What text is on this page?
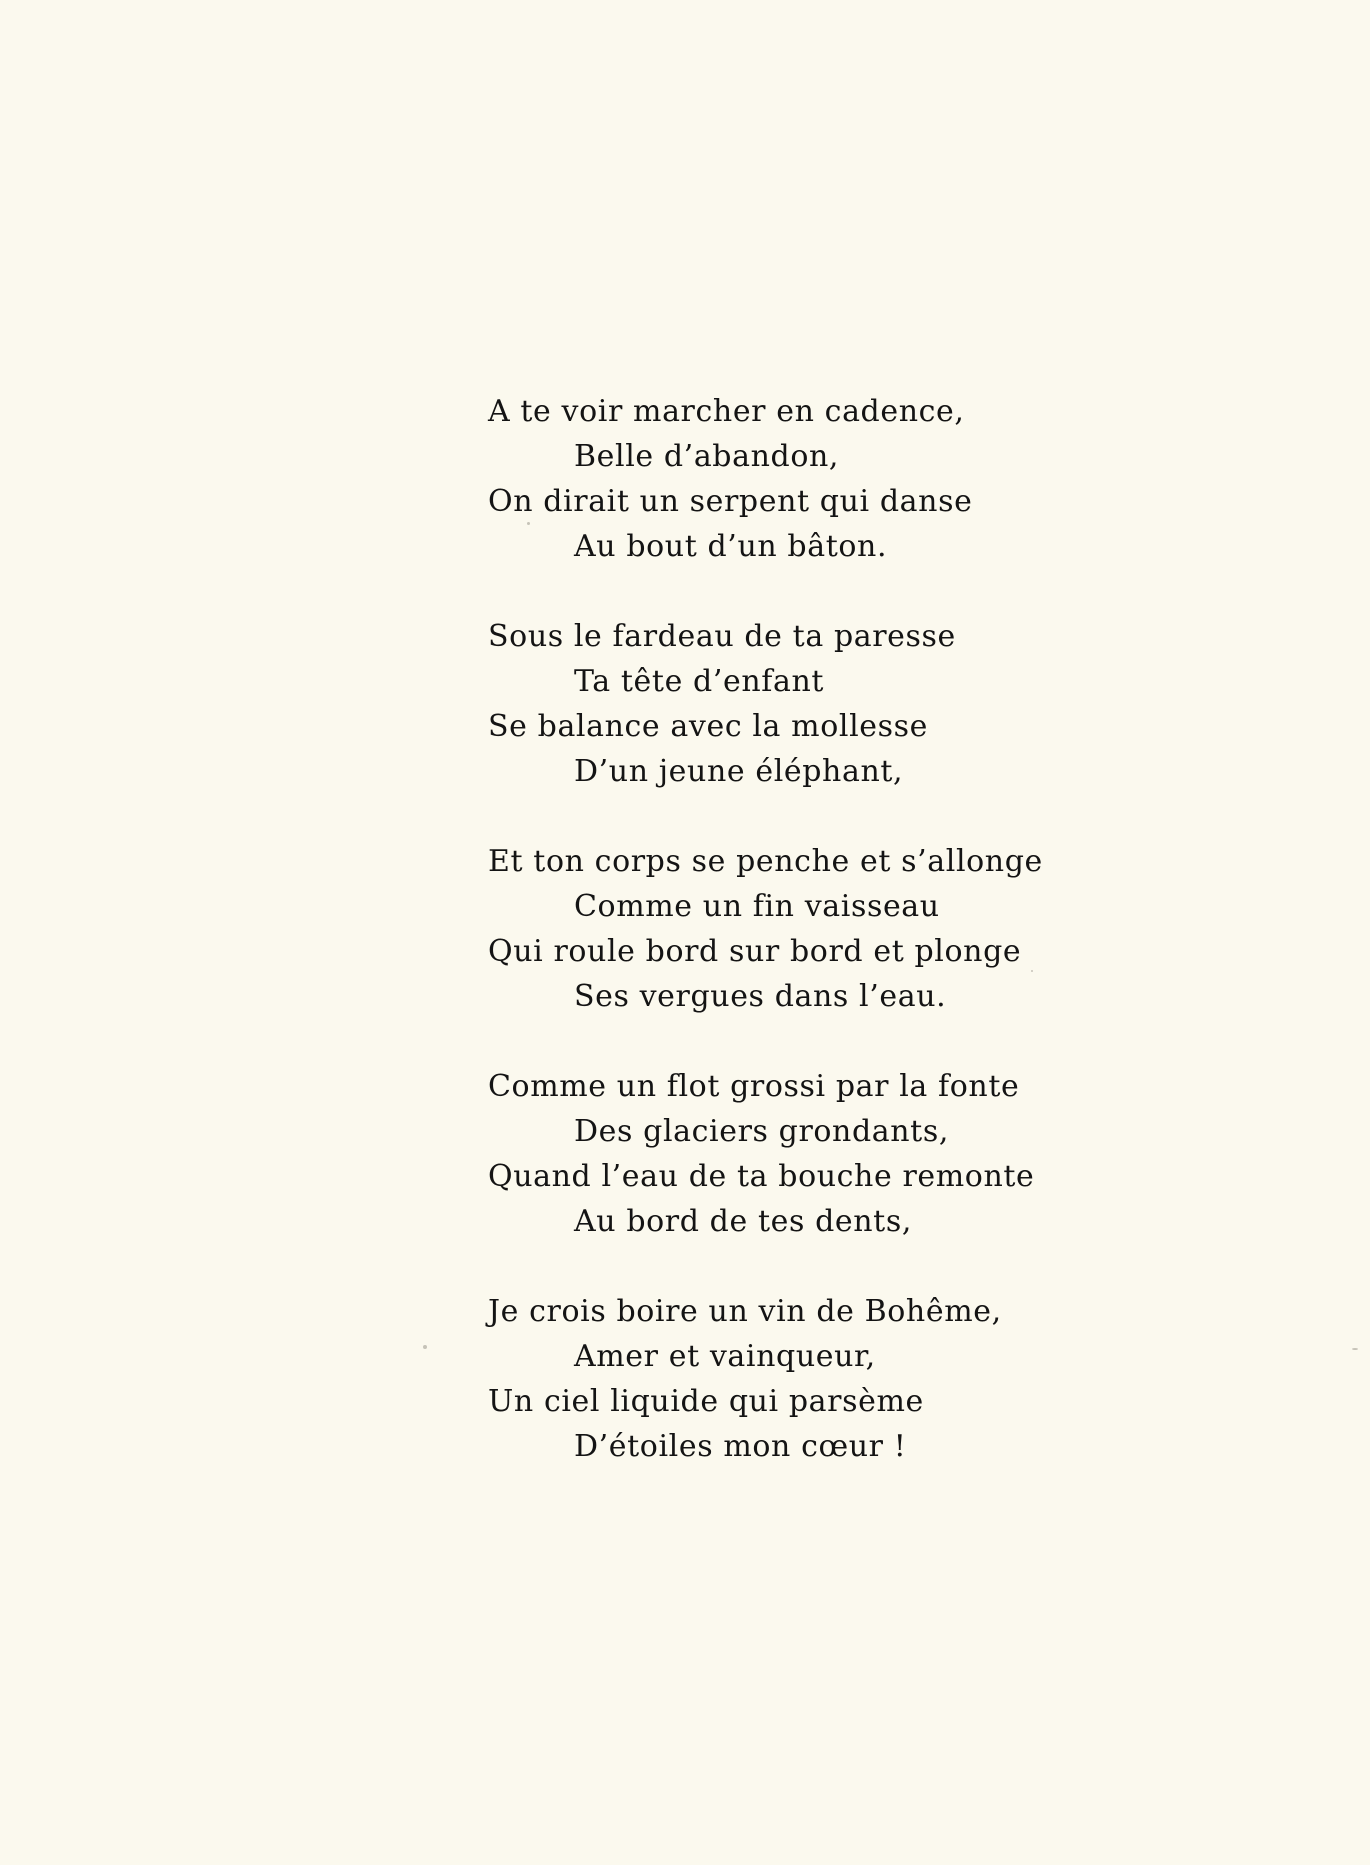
A te voir marcher en cadence,
Belle d’abandon,
On dirait un serpent qui danse
Au bout d’un bâton.
Sous le fardeau de ta paresse
Ta tête d’enfant
Se balance avec la mollesse
D’un jeune éléphant,
Et ton corps se penche et s’allonge
Comme un fin vaisseau
Qui roule bord sur bord et plonge
Ses vergues dans l’eau.
Comme un flot grossi par la fonte
Des glaciers grondants,
Quand l’eau de ta bouche remonte
Au bord de tes dents,
Je crois boire un vin de Bohême,
Amer et vainqueur,
Un ciel liquide qui parsème
D’étoiles mon cœur !
